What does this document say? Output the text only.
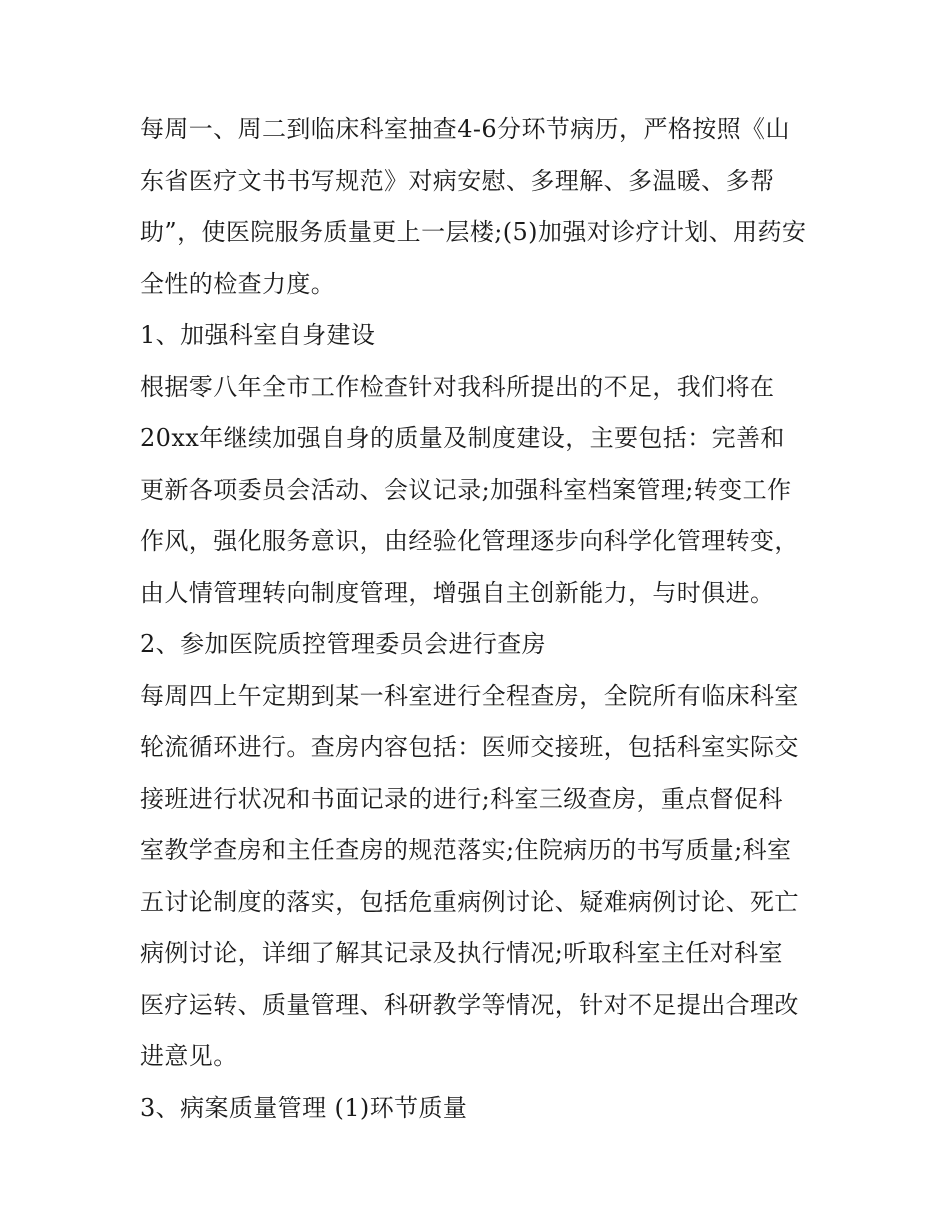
每周一、周二到临床科室抽查4-6分环节病历，严格按照《山
东省医疗文书书写规范》对病安慰、多理解、多温暖、多帮
助”，使医院服务质量更上一层楼;(5)加强对诊疗计划、用药安
全性的检查力度。
1、加强科室自身建设
根据零八年全市工作检查针对我科所提出的不足，我们将在
20xx年继续加强自身的质量及制度建设，主要包括：完善和
更新各项委员会活动、会议记录;加强科室档案管理;转变工作
作风，强化服务意识，由经验化管理逐步向科学化管理转变，
由人情管理转向制度管理，增强自主创新能力，与时俱进。
2、参加医院质控管理委员会进行查房
每周四上午定期到某一科室进行全程查房，全院所有临床科室
轮流循环进行。查房内容包括：医师交接班，包括科室实际交
接班进行状况和书面记录的进行;科室三级查房，重点督促科
室教学查房和主任查房的规范落实;住院病历的书写质量;科室
五讨论制度的落实，包括危重病例讨论、疑难病例讨论、死亡
病例讨论，详细了解其记录及执行情况;听取科室主任对科室
医疗运转、质量管理、科研教学等情况，针对不足提出合理改
进意见。
3、病案质量管理 (1)环节质量
